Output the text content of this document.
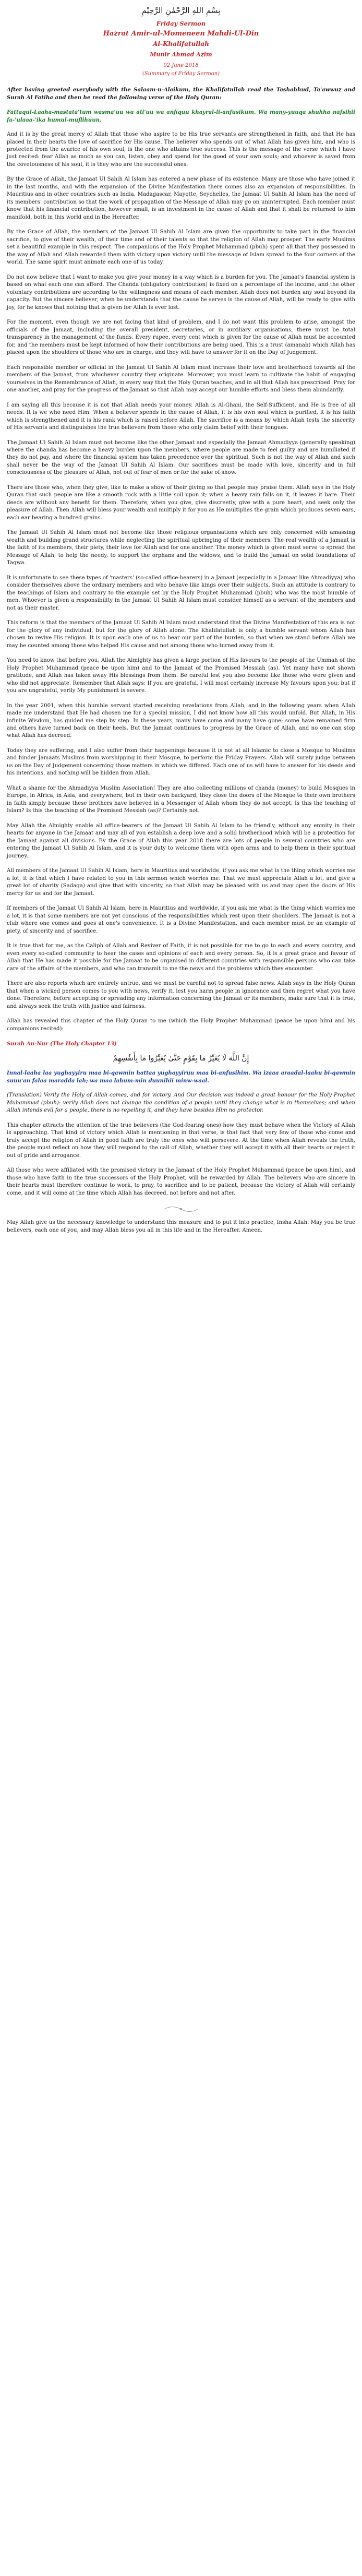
بِسْمِ اللهِ الرَّحْمٰنِ الرَّحِيْمِ
Friday Sermon
Hazrat Amir-ul-Momeneen Mahdi-Ul-Din
Al-Khalifatullah
Munir Ahmad Azim
02 June 2018
(Summary of Friday Sermon)

After having greeted everybody with the Salaam-u-Alaikum, the Khalifatullah read the Tashahhud, Ta'awwuz and Surah Al Fatiha and then he read the following verse of the Holy Quran:

Fattaqul-Laaha-mastata'tum wasma'uu wa ati'uu wa anfiquu khayral-li-anfusikum. Wa many-yuuqa shuhha nafsihii fa-'ulaaa-'ika humul-muflihuun.

And it is by the great mercy of Allah that those who aspire to be His true servants are strengthened in faith, and that He has placed in their hearts the love of sacrifice for His cause. The believer who spends out of what Allah has given him, and who is protected from the avarice of his own soul, is the one who attains true success. This is the message of the verse which I have just recited: fear Allah as much as you can, listen, obey and spend for the good of your own souls; and whoever is saved from the covetousness of his soul, it is they who are the successful ones.

By the Grace of Allah, the Jamaat Ul Sahih Al Islam has entered a new phase of its existence. Many are those who have joined it in the last months, and with the expansion of the Divine Manifestation there comes also an expansion of responsibilities. In Mauritius and in other countries such as India, Madagascar, Mayotte, Seychelles, the Jamaat Ul Sahih Al Islam has the need of its members' contribution so that the work of propagation of the Message of Allah may go on uninterrupted. Each member must know that his financial contribution, however small, is an investment in the cause of Allah and that it shall be returned to him manifold, both in this world and in the Hereafter.

By the Grace of Allah, the members of the Jamaat Ul Sahih Al Islam are given the opportunity to take part in the financial sacrifice, to give of their wealth, of their time and of their talents so that the religion of Allah may prosper. The early Muslims set a beautiful example in this respect. The companions of the Holy Prophet Muhammad (pbuh) spent all that they possessed in the way of Allah and Allah rewarded them with victory upon victory until the message of Islam spread to the four corners of the world. The same spirit must animate each one of us today.

Do not now believe that I want to make you give your money in a way which is a burden for you. The Jamaat's financial system is based on what each one can afford. The Chanda (obligatory contribution) is fixed on a percentage of the income, and the other voluntary contributions are according to the willingness and means of each member. Allah does not burden any soul beyond its capacity. But the sincere believer, when he understands that the cause he serves is the cause of Allah, will be ready to give with joy, for he knows that nothing that is given for Allah is ever lost.

For the moment, even though we are not facing that kind of problem, and I do not want this problem to arise, amongst the officials of the Jamaat, including the overall president, secretaries, or in auxiliary organisations, there must be total transparency in the management of the funds. Every rupee, every cent which is given for the cause of Allah must be accounted for, and the members must be kept informed of how their contributions are being used. This is a trust (amanah) which Allah has placed upon the shoulders of those who are in charge, and they will have to answer for it on the Day of Judgement.

Each responsible member or official in the Jamaat Ul Sahih Al Islam must increase their love and brotherhood towards all the members of the Jamaat, from whichever country they originate. Moreover, you must learn to cultivate the habit of engaging yourselves in the Remembrance of Allah, in every way that the Holy Quran teaches, and in all that Allah has prescribed. Pray for one another, and pray for the progress of the Jamaat so that Allah may accept our humble efforts and bless them abundantly.

I am saying all this because it is not that Allah needs your money. Allah is Al-Ghani, the Self-Sufficient, and He is free of all needs. It is we who need Him. When a believer spends in the cause of Allah, it is his own soul which is purified, it is his faith which is strengthened and it is his rank which is raised before Allah. The sacrifice is a means by which Allah tests the sincerity of His servants and distinguishes the true believers from those who only claim belief with their tongues.

The Jamaat Ul Sahih Al Islam must not become like the other Jamaat and especially the Jamaat Ahmadiyya (generally speaking) where the chanda has become a heavy burden upon the members, where people are made to feel guilty and are humiliated if they do not pay, and where the financial system has taken precedence over the spiritual. Such is not the way of Allah and such shall never be the way of the Jamaat Ul Sahih Al Islam. Our sacrifices must be made with love, sincerity and in full consciousness of the pleasure of Allah, not out of fear of men or for the sake of show.

There are those who, when they give, like to make a show of their giving so that people may praise them. Allah says in the Holy Quran that such people are like a smooth rock with a little soil upon it; when a heavy rain falls on it, it leaves it bare. Their deeds are without any benefit for them. Therefore, when you give, give discreetly, give with a pure heart, and seek only the pleasure of Allah. Then Allah will bless your wealth and multiply it for you as He multiplies the grain which produces seven ears, each ear bearing a hundred grains.

The Jamaat Ul Sahih Al Islam must not become like those religious organisations which are only concerned with amassing wealth and building grand structures while neglecting the spiritual upbringing of their members. The real wealth of a Jamaat is the faith of its members, their piety, their love for Allah and for one another. The money which is given must serve to spread the Message of Allah, to help the needy, to support the orphans and the widows, and to build the Jamaat on solid foundations of Taqwa.

It is unfortunate to see these types of 'masters' (so-called office-bearers) in a Jamaat (especially in a Jamaat like Ahmadiyya) who consider themselves above the ordinary members and who behave like kings over their subjects. Such an attitude is contrary to the teachings of Islam and contrary to the example set by the Holy Prophet Muhammad (pbuh) who was the most humble of men. Whoever is given a responsibility in the Jamaat Ul Sahih Al Islam must consider himself as a servant of the members and not as their master.

This reform is that the members of the Jamaat Ul Sahih Al Islam must understand that the Divine Manifestation of this era is not for the glory of any individual, but for the glory of Allah alone. The Khalifatullah is only a humble servant whom Allah has chosen to revive His religion. It is upon each one of us to bear our part of the burden, so that when we stand before Allah we may be counted among those who helped His cause and not among those who turned away from it.

You need to know that before you, Allah the Almighty has given a large portion of His favours to the people of the Ummah of the Holy Prophet Muhammad (peace be upon him) and to the Jamaat of the Promised Messiah (as). Yet many have not shown gratitude, and Allah has taken away His blessings from them. Be careful lest you also become like those who were given and who did not appreciate. Remember that Allah says: If you are grateful, I will most certainly increase My favours upon you; but if you are ungrateful, verily My punishment is severe.

In the year 2001, when this humble servant started receiving revelations from Allah, and in the following years when Allah made me understand that He had chosen me for a special mission, I did not know how all this would unfold. But Allah, in His infinite Wisdom, has guided me step by step. In these years, many have come and many have gone; some have remained firm and others have turned back on their heels. But the Jamaat continues to progress by the Grace of Allah, and no one can stop what Allah has decreed.

Today they are suffering, and I also suffer from their happenings because it is not at all Islamic to close a Mosque to Muslims and hinder Jamaats Muslims from worshipping in their Mosque, to perform the Friday Prayers. Allah will surely judge between us on the Day of Judgement concerning those matters in which we differed. Each one of us will have to answer for his deeds and his intentions, and nothing will be hidden from Allah.

What a shame for the Ahmadiyya Muslim Association! They are also collecting millions of chanda (money) to build Mosques in Europe, in Africa, in Asia, and everywhere, but in their own backyard, they close the doors of the Mosque to their own brothers in faith simply because these brothers have believed in a Messenger of Allah whom they do not accept. Is this the teaching of Islam? Is this the teaching of the Promised Messiah (as)? Certainly not.

May Allah the Almighty enable all office-bearers of the Jamaat Ul Sahih Al Islam to be friendly, without any enmity in their hearts for anyone in the Jamaat and may all of you establish a deep love and a solid brotherhood which will be a protection for the Jamaat against all divisions. By the Grace of Allah this year 2018 there are lots of people in several countries who are entering the Jamaat Ul Sahih Al Islam, and it is your duty to welcome them with open arms and to help them in their spiritual journey.

All members of the Jamaat Ul Sahih Al Islam, here in Mauritius and worldwide, if you ask me what is the thing which worries me a lot, it is that which I have related to you in this sermon which worries me: That we must appreciate Allah a lot, and give a great lot of charity (Sadaqa) and give that with sincerity, so that Allah may be pleased with us and may open the doors of His mercy for us and for the Jamaat.

If members of the Jamaat Ul Sahih Al Islam, here in Mauritius and worldwide, if you ask me what is the thing which worries me a lot, it is that some members are not yet conscious of the responsibilities which rest upon their shoulders. The Jamaat is not a club where one comes and goes at one's convenience. It is a Divine Manifestation, and each member must be an example of piety, of sincerity and of sacrifice.

It is true that for me, as the Caliph of Allah and Reviver of Faith, it is not possible for me to go to each and every country, and even every so-called community to hear the cases and opinions of each and every person. So, it is a great grace and favour of Allah that He has made it possible for the Jamaat to be organised in different countries with responsible persons who can take care of the affairs of the members, and who can transmit to me the news and the problems which they encounter.

There are also reports which are entirely untrue, and we must be careful not to spread false news. Allah says in the Holy Quran that when a wicked person comes to you with news, verify it, lest you harm people in ignorance and then regret what you have done. Therefore, before accepting or spreading any information concerning the Jamaat or its members, make sure that it is true, and always seek the truth with justice and fairness.

Allah has revealed this chapter of the Holy Quran to me (which the Holy Prophet Muhammad (peace be upon him) and his companions recited):

Surah An-Nur (The Holy Chapter 13)

إِنَّ اللَّهَ لَا يُغَيِّرُ مَا بِقَوْمٍ حَتَّىٰ يُغَيِّرُوا مَا بِأَنفُسِهِمْ

Innal-laaha laa yughayyiru maa bi-qawmin hattaa yughayyiruu maa bi-anfusihim. Wa izaaa araadal-laahu bi-qawmin suuu'an falaa maradda lah; wa maa lahum-min duunihii minw-waal.

(Translation) Verily the Holy of Allah comes, and for victory. And Our decision was indeed a great honour for the Holy Prophet Muhammad (pbuh): verily Allah does not change the condition of a people until they change what is in themselves; and when Allah intends evil for a people, there is no repelling it, and they have besides Him no protector.

This chapter attracts the attention of the true believers (the God-fearing ones) how they must behave when the Victory of Allah is approaching. That kind of victory which Allah is mentioning in that verse, is that fact that very few of those who come and truly accept the religion of Allah in good faith are truly the ones who will persevere. At the time when Allah reveals the truth, the people must reflect on how they will respond to the call of Allah, whether they will accept it with all their hearts or reject it out of pride and arrogance.

All those who were affiliated with the promised victory in the Jamaat of the Holy Prophet Muhammad (peace be upon him), and those who have faith in the true successors of the Holy Prophet, will be rewarded by Allah. The believers who are sincere in their hearts must therefore continue to work, to pray, to sacrifice and to be patient, because the victory of Allah will certainly come, and it will come at the time which Allah has decreed, not before and not after.

May Allah give us the necessary knowledge to understand this measure and to put it into practice, Insha Allah. May you be true believers, each one of you, and may Allah bless you all in this life and in the Hereafter. Ameen.
